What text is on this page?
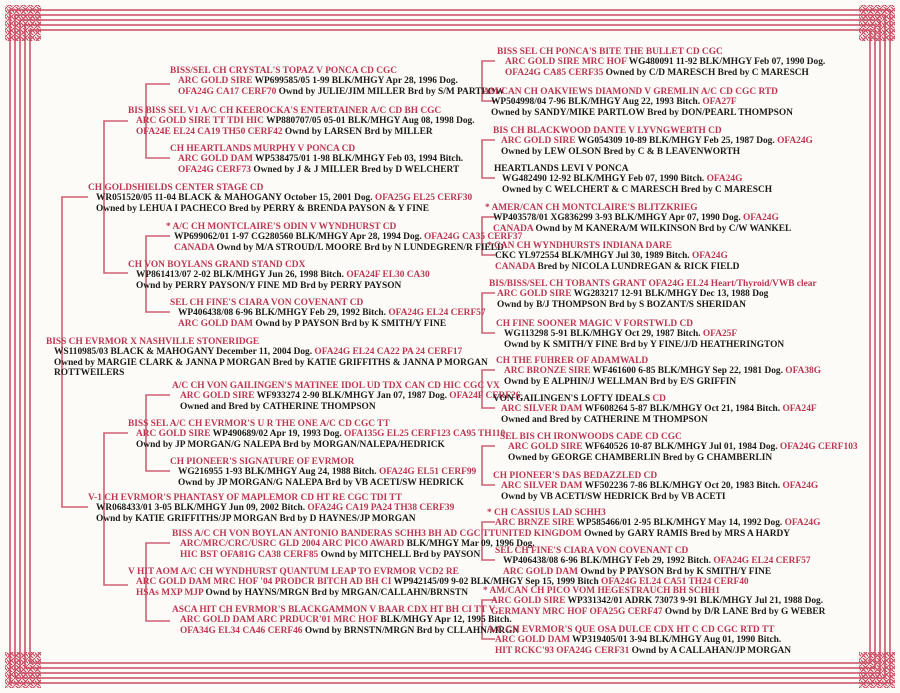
BISS/SEL CH CRYSTAL'S TOPAZ V PONCA CD CGC
ARC GOLD SIRE WP699585/05 1-99 BLK/MHGY Apr 28, 1996 Dog.
OFA24G CA17 CERF70 Ownd by JULIE/JIM MILLER Brd by S/M PARTLOW
BIS BISS SEL V1 A/C CH KEEROCKA'S ENTERTAINER A/C CD BH CGC
ARC GOLD SIRE TT TDI HIC WP880707/05 05-01 BLK/MHGY Aug 08, 1998 Dog.
OFA24E EL24 CA19 TH50 CERF42 Ownd by LARSEN Brd by MILLER
CH HEARTLANDS MURPHY V PONCA CD
ARC GOLD DAM WP538475/01 1-98 BLK/MHGY Feb 03, 1994 Bitch.
OFA24G CERF73 Owned by J & J MILLER Bred by D WELCHERT
CH GOLDSHIELDS CENTER STAGE CD
WR051520/05 11-04 BLACK & MAHOGANY October 15, 2001 Dog. OFA25G EL25 CERF30
Owned by LEHUA I PACHECO Bred by PERRY & BRENDA PAYSON & Y FINE
* A/C CH MONTCLAIRE'S ODIN V WYNDHURST CD
WP699062/01 1-97 CG280560 BLK/MHGY Apr 28, 1994 Dog. OFA24G CA35 CERF37
CANADA Ownd by M/A STROUD/L MOORE Brd by N LUNDEGREN/R FIELD
CH VON BOYLANS GRAND STAND CDX
WP861413/07 2-02 BLK/MHGY Jun 26, 1998 Bitch. OFA24F EL30 CA30
Ownd by PERRY PAYSON/Y FINE MD Brd by PERRY PAYSON
SEL CH FINE'S CIARA VON COVENANT CD
WP406438/08 6-96 BLK/MHGY Feb 29, 1992 Bitch. OFA24G EL24 CERF57
ARC GOLD DAM Ownd by P PAYSON Brd by K SMITH/Y FINE
BISS CH EVRMOR X NASHVILLE STONERIDGE
WS110985/03 BLACK & MAHOGANY December 11, 2004 Dog. OFA24G EL24 CA22 PA 24 CERF17
Owned by MARGIE CLARK & JANNA P MORGAN Bred by KATIE GRIFFITHS & JANNA P MORGAN
ROTTWEILERS
A/C CH VON GAILINGEN'S MATINEE IDOL UD TDX CAN CD HIC CGC VX
ARC GOLD SIRE WF933274 2-90 BLK/MHGY Jan 07, 1987 Dog. OFA24F CERF26
Owned and Bred by CATHERINE THOMPSON
BISS SEL A/C CH EVRMOR'S U R THE ONE A/C CD CGC TT
ARC GOLD SIRE WP490689/02 Apr 19, 1993 Dog. OFA135G EL25 CERF123 CA95 TH110
Ownd by JP MORGAN/G NALEPA Brd by MORGAN/NALEPA/HEDRICK
CH PIONEER'S SIGNATURE OF EVRMOR
WG216955 1-93 BLK/MHGY Aug 24, 1988 Bitch. OFA24G EL51 CERF99
Ownd by JP MORGAN/G NALEPA Brd by VB ACETI/SW HEDRICK
V-1 CH EVRMOR'S PHANTASY OF MAPLEMOR CD HT RE CGC TDI TT
WR068433/01 3-05 BLK/MHGY Jun 09, 2002 Bitch. OFA24G CA19 PA24 TH38 CERF39
Ownd by KATIE GRIFFITHS/JP MORGAN Brd by D HAYNES/JP MORGAN
BISS A/C CH VON BOYLAN ANTONIO BANDERAS SCHH3 BH AD CGC TT
ARC/MRC/CRC/USRC GLD 2004 ARC PICO AWARD BLK/MHGY Mar 09, 1996 Dog.
HIC BST OFA81G CA38 CERF85 Ownd by MITCHELL Brd by PAYSON
V HIT AOM A/C CH WYNDHURST QUANTUM LEAP TO EVRMOR VCD2 RE
ARC GOLD DAM MRC HOF '04 PRODCR BITCH AD BH CI WP942145/09 9-02 BLK/MHGY Sep 15, 1999 Bitch OFA24G EL24 CA51 TH24 CERF40
HSAs MXP MJP Ownd by HAYNS/MRGN Brd by MRGAN/CALLAHN/BRNSTN
ASCA HIT CH EVRMOR'S BLACKGAMMON V BAAR CDX HT BH CI TT V
ARC GOLD DAM ARC PRDUCR'01 MRC HOF BLK/MHGY Apr 12, 1995 Bitch.
OFA34G EL34 CA46 CERF46 Ownd by BRNSTN/MRGN Brd by CLLAHN/MRGN
BISS SEL CH PONCA'S BITE THE BULLET CD CGC
ARC GOLD SIRE MRC HOF WG480091 11-92 BLK/MHGY Feb 07, 1990 Dog.
OFA24G CA85 CERF35 Owned by C/D MARESCH Bred by C MARESCH
AM/CAN CH OAKVIEWS DIAMOND V GREMLIN A/C CD CGC RTD
WP504998/04 7-96 BLK/MHGY Aug 22, 1993 Bitch. OFA27F
Owned by SANDY/MIKE PARTLOW Bred by DON/PEARL THOMPSON
BIS CH BLACKWOOD DANTE V LYVNGWERTH CD
ARC GOLD SIRE WG054309 10-89 BLK/MHGY Feb 25, 1987 Dog. OFA24G
Owned by LEW OLSON Bred by C & B LEAVENWORTH
HEARTLANDS LEVI V PONCA
WG482490 12-92 BLK/MHGY Feb 07, 1990 Bitch. OFA24G
Owned by C WELCHERT & C MARESCH Bred by C MARESCH
* AMER/CAN CH MONTCLAIRE'S BLITZKRIEG
WP403578/01 XG836299 3-93 BLK/MHGY Apr 07, 1990 Dog. OFA24G
CANADA Ownd by M KANERA/M WILKINSON Brd by C/W WANKEL
* CAN CH WYNDHURSTS INDIANA DARE
CKC YL972554 BLK/MHGY Jul 30, 1989 Bitch. OFA24G
CANADA Bred by NICOLA LUNDREGAN & RICK FIELD
BIS/BISS/SEL CH TOBANTS GRANT OFA24G EL24 Heart/Thyroid/VWB clear
ARC GOLD SIRE WG283217 12-91 BLK/MHGY Dec 13, 1988 Dog
Ownd by B/J THOMPSON Brd by S BOZANT/S SHERIDAN
CH FINE SOONER MAGIC V FORSTWLD CD
WG113298 5-91 BLK/MHGY Oct 29, 1987 Bitch. OFA25F
Ownd by K SMITH/Y FINE Brd by Y FINE/J/D HEATHERINGTON
CH THE FUHRER OF ADAMWALD
ARC BRONZE SIRE WF461600 6-85 BLK/MHGY Sep 22, 1981 Dog. OFA38G
Ownd by E ALPHIN/J WELLMAN Brd by E/S GRIFFIN
VON GAILINGEN'S LOFTY IDEALS CD
ARC SILVER DAM WF608264 5-87 BLK/MHGY Oct 21, 1984 Bitch. OFA24F
Owned and Bred by CATHERINE M THOMPSON
SEL BIS CH IRONWOODS CADE CD CGC
ARC GOLD SIRE WF640526 10-87 BLK/MHGY Jul 01, 1984 Dog. OFA24G CERF103
Owned by GEORGE CHAMBERLIN Bred by G CHAMBERLIN
CH PIONEER'S DAS BEDAZZLED CD
ARC SILVER DAM WF502236 7-86 BLK/MHGY Oct 20, 1983 Bitch. OFA24G
Ownd by VB ACETI/SW HEDRICK Brd by VB ACETI
* CH CASSIUS LAD SCHH3
ARC BRNZE SIRE WP585466/01 2-95 BLK/MHGY May 14, 1992 Dog. OFA24G
UNITED KINGDOM Owned by GARY RAMIS Bred by MRS A HARDY
SEL CH FINE'S CIARA VON COVENANT CD
WP406438/08 6-96 BLK/MHGY Feb 29, 1992 Bitch. OFA24G EL24 CERF57
ARC GOLD DAM Ownd by P PAYSON Brd by K SMITH/Y FINE
* AM/CAN CH PICO VOM HEGESTRAUCH BH SCHH1
ARC GOLD SIRE WP331342/01 ADRK 73073 9-91 BLK/MHGY Jul 21, 1988 Dog.
GERMANY MRC HOF OFA25G CERF47 Ownd by D/R LANE Brd by G WEBER
A/C CH EVRMOR'S QUE OSA DULCE CDX HT C CD CGC RTD TT
ARC GOLD DAM WP319405/01 3-94 BLK/MHGY Aug 01, 1990 Bitch.
HIT RCKC'93 OFA24G CERF31 Ownd by A CALLAHAN/JP MORGAN
